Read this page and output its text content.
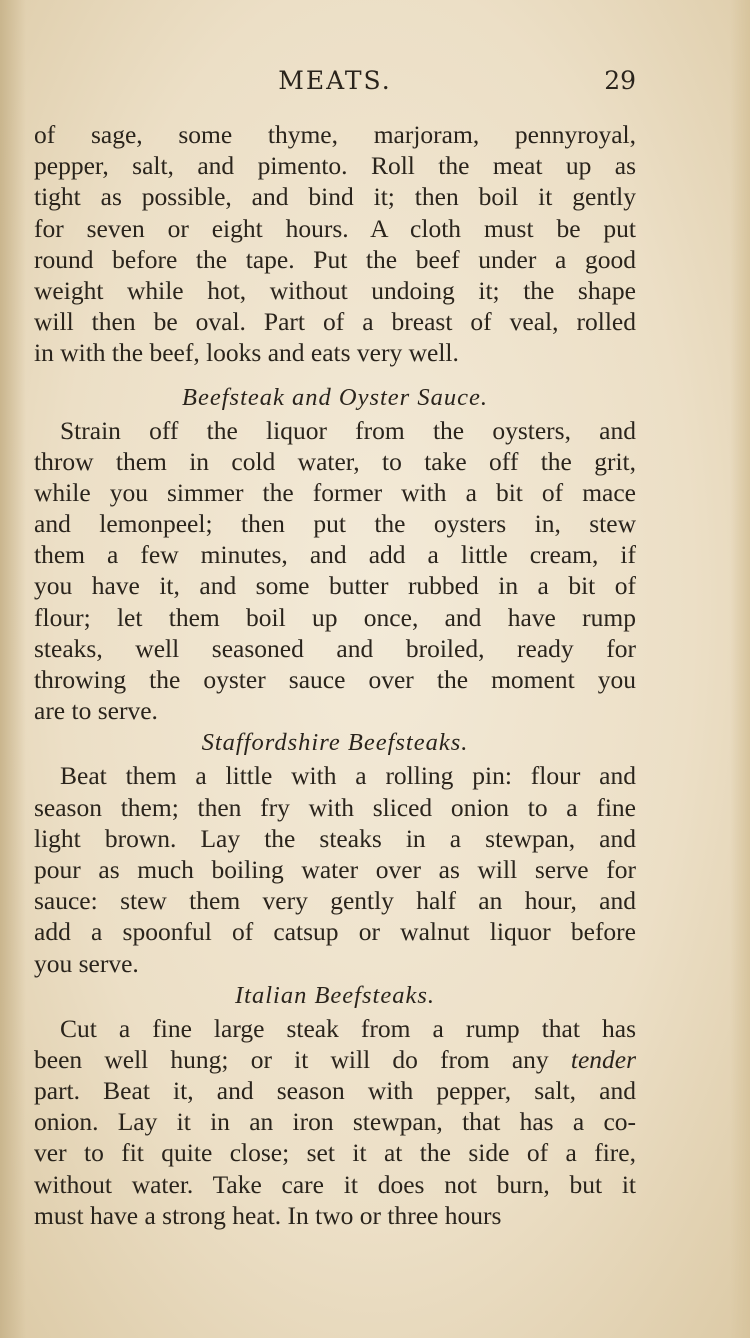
MEATS.	29
of sage, some thyme, marjoram, pennyroyal,
pepper, salt, and pimento. Roll the meat up as
tight as possible, and bind it; then boil it gently
for seven or eight hours. A cloth must be put
round before the tape. Put the beef under a good
weight while hot, without undoing it; the shape
will then be oval. Part of a breast of veal, rolled
in with the beef, looks and eats very well.
Beefsteak and Oyster Sauce.
Strain off the liquor from the oysters, and
throw them in cold water, to take off the grit,
while you simmer the former with a bit of mace
and lemonpeel; then put the oysters in, stew
them a few minutes, and add a little cream, if
you have it, and some butter rubbed in a bit of
flour; let them boil up once, and have rump
steaks, well seasoned and broiled, ready for
throwing the oyster sauce over the moment you
are to serve.
Staffordshire Beefsteaks.
Beat them a little with a rolling pin: flour and
season them; then fry with sliced onion to a fine
light brown. Lay the steaks in a stewpan, and
pour as much boiling water over as will serve for
sauce: stew them very gently half an hour, and
add a spoonful of catsup or walnut liquor before
you serve.
Italian Beefsteaks.
Cut a fine large steak from a rump that has
been well hung; or it will do from any tender
part. Beat it, and season with pepper, salt, and
onion. Lay it in an iron stewpan, that has a co-
ver to fit quite close; set it at the side of a fire,
without water. Take care it does not burn, but it
must have a strong heat. In two or three hours
